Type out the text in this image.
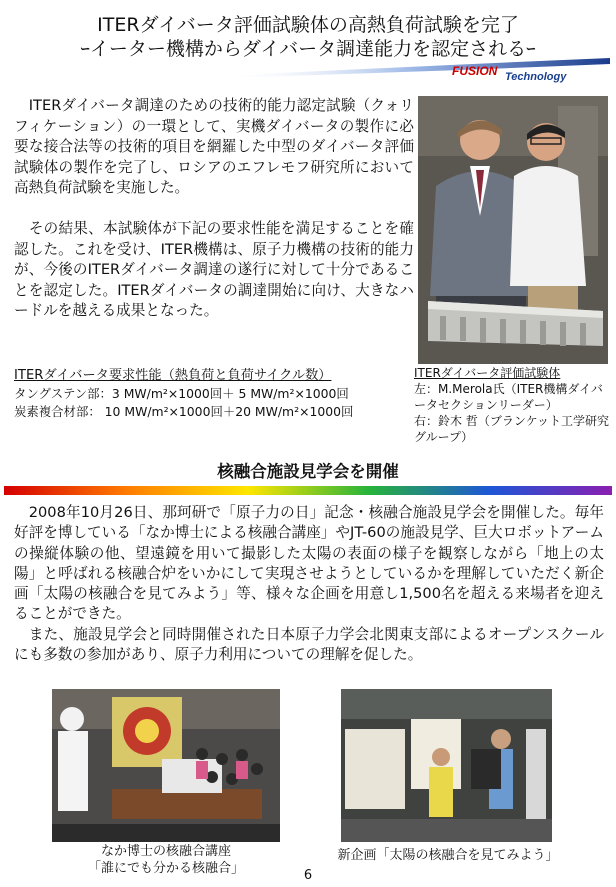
ITERダイバータ評価試験体の高熱負荷試験を完了
ｰイーター機構からダイバータ調達能力を認定されるｰ
FUSION Technology
　ITERダイバータ調達のための技術的能力認定試験（クォリフィケーション）の一環として、実機ダイバータの製作に必要な接合法等の技術的項目を網羅した中型のダイバータ評価試験体の製作を完了し、ロシアのエフレモフ研究所において高熱負荷試験を実施した。
　その結果、本試験体が下記の要求性能を満足することを確認した。これを受け、ITER機構は、原子力機構の技術的能力が、今後のITERダイバータ調達の遂行に対して十分であることを認定した。ITERダイバータの調達開始に向け、大きなハードルを越える成果となった。
ITERダイバータ要求性能（熱負荷と負荷サイクル数）
タングステン部：3 MW/m²×1000回＋ 5 MW/m²×1000回
炭素複合材部： 10 MW/m²×1000回＋20 MW/m²×1000回
ITERダイバータ評価試験体
左：M.Merola氏（ITER機構ダイバータセクションリーダー）
右：鈴木 哲（ブランケット工学研究グループ）
核融合施設見学会を開催
　2008年10月26日、那珂研で「原子力の日」記念・核融合施設見学会を開催した。毎年好評を博している「なか博士による核融合講座」やJT-60の施設見学、巨大ロボットアームの操縦体験の他、望遠鏡を用いて撮影した太陽の表面の様子を観察しながら「地上の太陽」と呼ばれる核融合炉をいかにして実現させようとしているかを理解していただく新企画「太陽の核融合を見てみよう」等、様々な企画を用意し1,500名を超える来場者を迎えることができた。
　また、施設見学会と同時開催された日本原子力学会北関東支部によるオープンスクールにも多数の参加があり、原子力利用についての理解を促した。
なか博士の核融合講座
「誰にでも分かる核融合」
新企画「太陽の核融合を見てみよう」
6
